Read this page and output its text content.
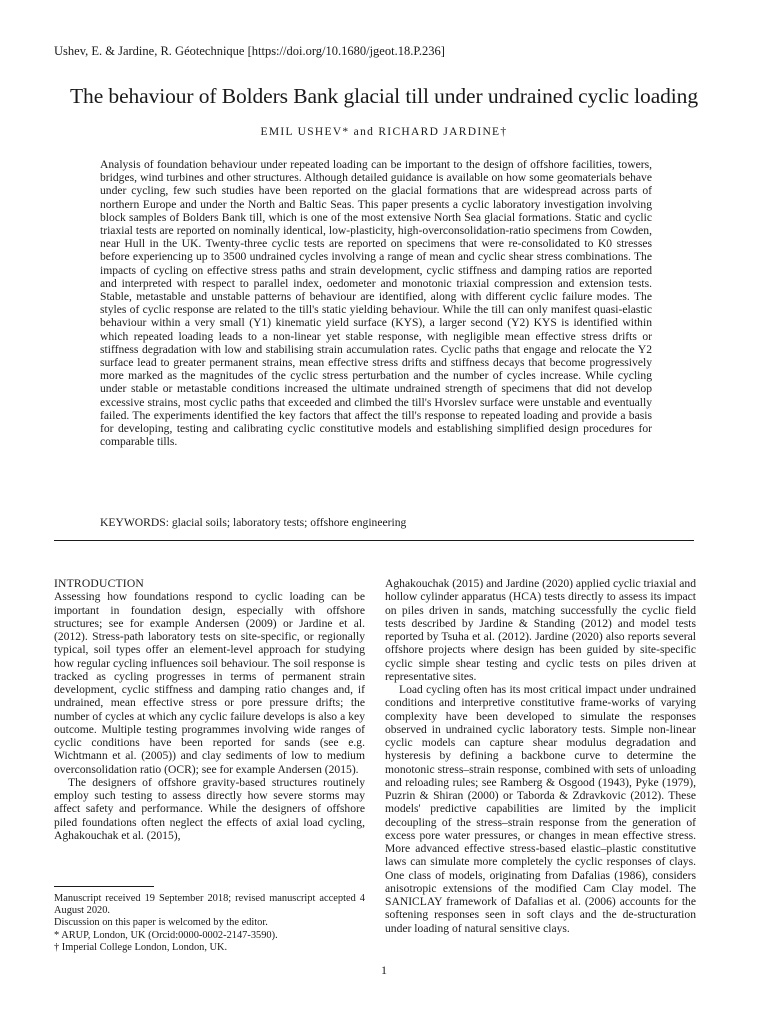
Ushev, E. & Jardine, R. Géotechnique [https://doi.org/10.1680/jgeot.18.P.236]
The behaviour of Bolders Bank glacial till under undrained cyclic loading
EMIL USHEV* and RICHARD JARDINE†

Analysis of foundation behaviour under repeated loading can be important to the design of offshore facilities, towers, bridges, wind turbines and other structures. Although detailed guidance is available on how some geomaterials behave under cycling, few such studies have been reported on the glacial formations that are widespread across parts of northern Europe and under the North and Baltic Seas. This paper presents a cyclic laboratory investigation involving block samples of Bolders Bank till, which is one of the most extensive North Sea glacial formations. Static and cyclic triaxial tests are reported on nominally identical, low-plasticity, high-overconsolidation-ratio specimens from Cowden, near Hull in the UK. Twenty-three cyclic tests are reported on specimens that were re-consolidated to K0 stresses before experiencing up to 3500 undrained cycles involving a range of mean and cyclic shear stress combinations. The impacts of cycling on effective stress paths and strain development, cyclic stiffness and damping ratios are reported and interpreted with respect to parallel index, oedometer and monotonic triaxial compression and extension tests. Stable, metastable and unstable patterns of behaviour are identified, along with different cyclic failure modes. The styles of cyclic response are related to the till's static yielding behaviour. While the till can only manifest quasi-elastic behaviour within a very small (Y1) kinematic yield surface (KYS), a larger second (Y2) KYS is identified within which repeated loading leads to a non-linear yet stable response, with negligible mean effective stress drifts or stiffness degradation with low and stabilising strain accumulation rates. Cyclic paths that engage and relocate the Y2 surface lead to greater permanent strains, mean effective stress drifts and stiffness decays that become progressively more marked as the magnitudes of the cyclic stress perturbation and the number of cycles increase. While cycling under stable or metastable conditions increased the ultimate undrained strength of specimens that did not develop excessive strains, most cyclic paths that exceeded and climbed the till's Hvorslev surface were unstable and eventually failed. The experiments identified the key factors that affect the till's response to repeated loading and provide a basis for developing, testing and calibrating cyclic constitutive models and establishing simplified design procedures for comparable tills.

KEYWORDS: glacial soils; laboratory tests; offshore engineering
INTRODUCTION

Assessing how foundations respond to cyclic loading can be important in foundation design, especially with offshore structures; see for example Andersen (2009) or Jardine et al. (2012). Stress-path laboratory tests on site-specific, or regionally typical, soil types offer an element-level approach for studying how regular cycling influences soil behaviour. The soil response is tracked as cycling progresses in terms of permanent strain development, cyclic stiffness and damping ratio changes and, if undrained, mean effective stress or pore pressure drifts; the number of cycles at which any cyclic failure develops is also a key outcome. Multiple testing programmes involving wide ranges of cyclic conditions have been reported for sands (see e.g. Wichtmann et al. (2005)) and clay sediments of low to medium overconsolidation ratio (OCR); see for example Andersen (2015).

The designers of offshore gravity-based structures routinely employ such testing to assess directly how severe storms may affect safety and performance. While the designers of offshore piled foundations often neglect the effects of axial load cycling, Aghakouchak et al. (2015),

Aghakouchak (2015) and Jardine (2020) applied cyclic triaxial and hollow cylinder apparatus (HCA) tests directly to assess its impact on piles driven in sands, matching successfully the cyclic field tests described by Jardine & Standing (2012) and model tests reported by Tsuha et al. (2012). Jardine (2020) also reports several offshore projects where design has been guided by site-specific cyclic simple shear testing and cyclic tests on piles driven at representative sites.

Load cycling often has its most critical impact under undrained conditions and interpretive constitutive frame-works of varying complexity have been developed to simulate the responses observed in undrained cyclic laboratory tests. Simple non-linear cyclic models can capture shear modulus degradation and hysteresis by defining a backbone curve to determine the monotonic stress–strain response, combined with sets of unloading and reloading rules; see Ramberg & Osgood (1943), Pyke (1979), Puzrin & Shiran (2000) or Taborda & Zdravkovic (2012). These models' predictive capabilities are limited by the implicit decoupling of the stress–strain response from the generation of excess pore water pressures, or changes in mean effective stress. More advanced effective stress-based elastic–plastic constitutive laws can simulate more completely the cyclic responses of clays. One class of models, originating from Dafalias (1986), considers anisotropic extensions of the modified Cam Clay model. The SANICLAY framework of Dafalias et al. (2006) accounts for the softening responses seen in soft clays and the de-structuration under loading of natural sensitive clays.

Manuscript received 19 September 2018; revised manuscript accepted 4 August 2020.
Discussion on this paper is welcomed by the editor.
* ARUP, London, UK (Orcid:0000-0002-2147-3590).
† Imperial College London, London, UK.
1
